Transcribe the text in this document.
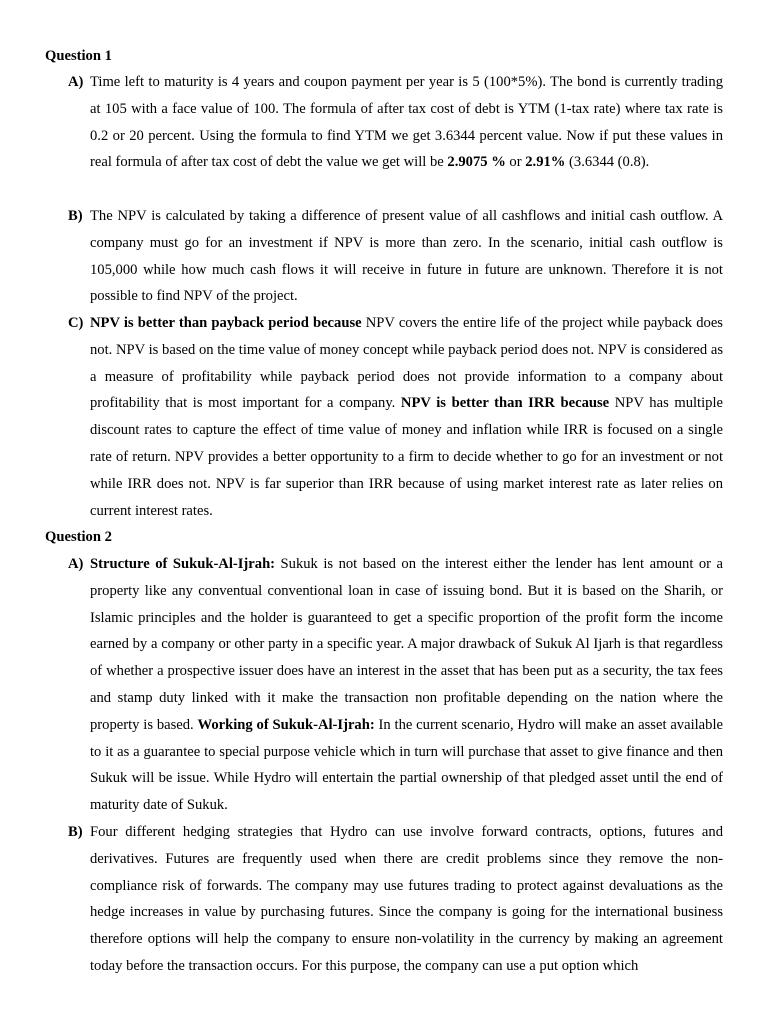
Question 1
A) Time left to maturity is 4 years and coupon payment per year is 5 (100*5%). The bond is currently trading at 105 with a face value of 100. The formula of after tax cost of debt is YTM (1-tax rate) where tax rate is 0.2 or 20 percent. Using the formula to find YTM we get 3.6344 percent value. Now if put these values in real formula of after tax cost of debt the value we get will be 2.9075 % or 2.91% (3.6344 (0.8).
B) The NPV is calculated by taking a difference of present value of all cashflows and initial cash outflow. A company must go for an investment if NPV is more than zero. In the scenario, initial cash outflow is 105,000 while how much cash flows it will receive in future in future are unknown. Therefore it is not possible to find NPV of the project.
C) NPV is better than payback period because NPV covers the entire life of the project while payback does not. NPV is based on the time value of money concept while payback period does not. NPV is considered as a measure of profitability while payback period does not provide information to a company about profitability that is most important for a company. NPV is better than IRR because NPV has multiple discount rates to capture the effect of time value of money and inflation while IRR is focused on a single rate of return. NPV provides a better opportunity to a firm to decide whether to go for an investment or not while IRR does not. NPV is far superior than IRR because of using market interest rate as later relies on current interest rates.
Question 2
A) Structure of Sukuk-Al-Ijrah: Sukuk is not based on the interest either the lender has lent amount or a property like any conventual conventional loan in case of issuing bond. But it is based on the Sharih, or Islamic principles and the holder is guaranteed to get a specific proportion of the profit form the income earned by a company or other party in a specific year. A major drawback of Sukuk Al Ijarh is that regardless of whether a prospective issuer does have an interest in the asset that has been put as a security, the tax fees and stamp duty linked with it make the transaction non profitable depending on the nation where the property is based. Working of Sukuk-Al-Ijrah: In the current scenario, Hydro will make an asset available to it as a guarantee to special purpose vehicle which in turn will purchase that asset to give finance and then Sukuk will be issue. While Hydro will entertain the partial ownership of that pledged asset until the end of maturity date of Sukuk.
B) Four different hedging strategies that Hydro can use involve forward contracts, options, futures and derivatives. Futures are frequently used when there are credit problems since they remove the non-compliance risk of forwards. The company may use futures trading to protect against devaluations as the hedge increases in value by purchasing futures. Since the company is going for the international business therefore options will help the company to ensure non-volatility in the currency by making an agreement today before the transaction occurs. For this purpose, the company can use a put option which
